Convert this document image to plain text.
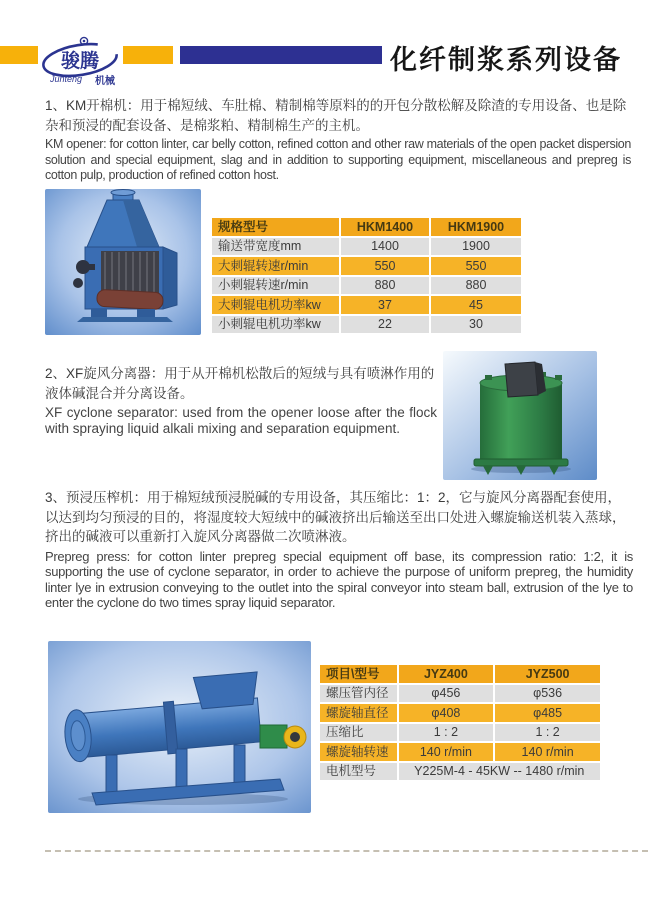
骏腾
Junteng 机械
化纤制浆系列设备

1、KM开棉机：用于棉短绒、车肚棉、精制棉等原料的的开包分散松解及除渣的专用设备、也是除杂和预浸的配套设备、是棉浆粕、精制棉生产的主机。

KM opener: for cotton linter, car belly cotton, refined cotton and other raw materials of the open packet dispersion solution and special equipment, slag and in addition to supporting equipment, miscellaneous and prepreg is cotton pulp, production of refined cotton host.

规格型号	HKM1400	HKM1900
输送带宽度mm	1400	1900
大刺辊转速r/min	550	550
小刺辊转速r/min	880	880
大刺辊电机功率kw	37	45
小刺辊电机功率kw	22	30

2、XF旋风分离器：用于从开棉机松散后的短绒与具有喷淋作用的液体碱混合并分离设备。

XF cyclone separator: used from the opener loose after the flock with spraying liquid alkali mixing and separation equipment.

3、预浸压榨机：用于棉短绒预浸脱碱的专用设备，其压缩比：1：2，它与旋风分离器配套使用，以达到均匀预浸的目的，将湿度较大短绒中的碱液挤出后输送至出口处进入螺旋输送机装入蒸球，挤出的碱液可以重新打入旋风分离器做二次喷淋液。

Prepreg press: for cotton linter prepreg special equipment off base, its compression ratio: 1:2, it is supporting the use of cyclone separator, in order to achieve the purpose of uniform prepreg, the humidity linter lye in extrusion conveying to the outlet into the spiral conveyor into steam ball, extrusion of the lye to enter the cyclone do two times spray liquid separator.

项目\型号	JYZ400	JYZ500
螺压管内径	φ456	φ536
螺旋轴直径	φ408	φ485
压缩比	1 : 2	1 : 2
螺旋轴转速	140 r/min	140 r/min
电机型号	Y225M-4 - 45KW -- 1480 r/min	
